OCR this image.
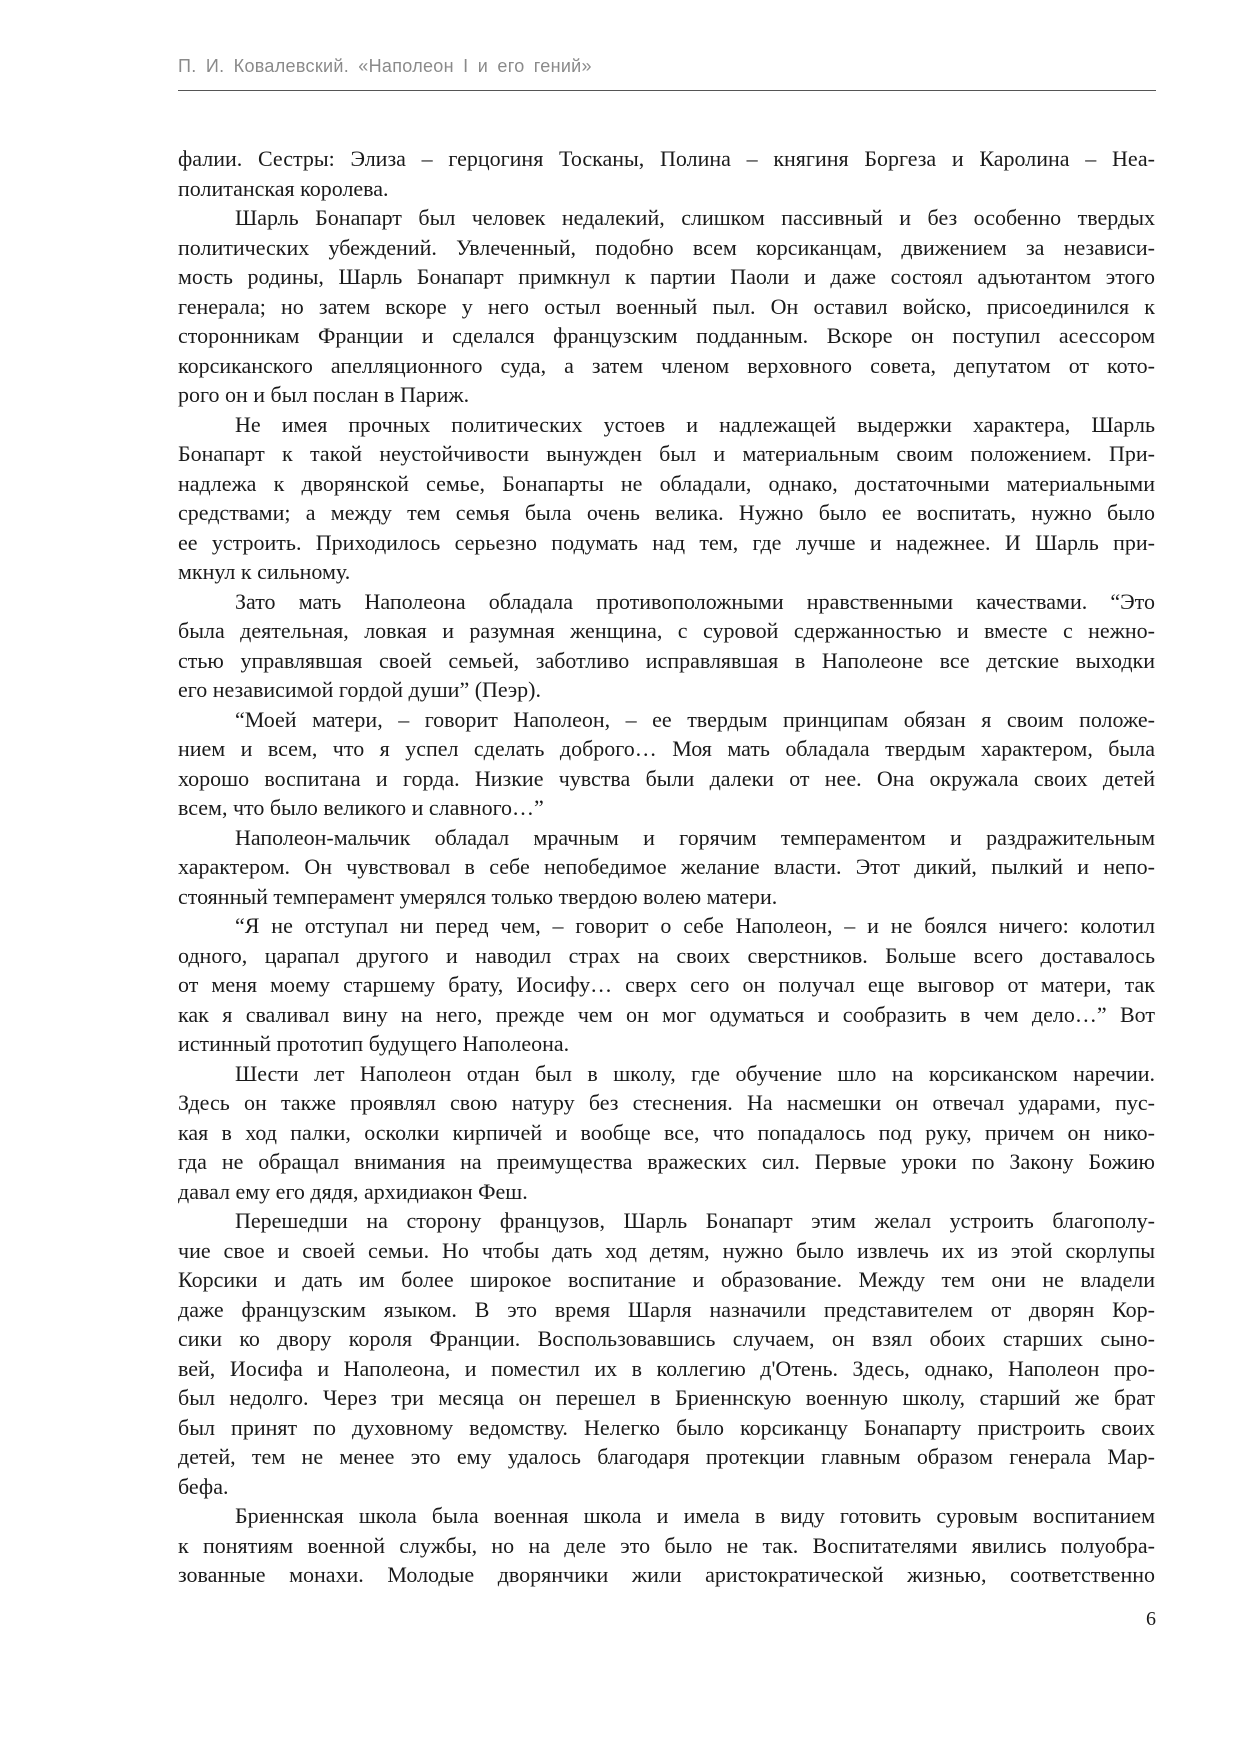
П. И. Ковалевский. «Наполеон I и его гений»

фалии. Сестры: Элиза – герцогиня Тосканы, Полина – княгиня Боргеза и Каролина – Неа-
политанская королева.

Шарль Бонапарт был человек недалекий, слишком пассивный и без особенно твердых
политических убеждений. Увлеченный, подобно всем корсиканцам, движением за независи-
мость родины, Шарль Бонапарт примкнул к партии Паоли и даже состоял адъютантом этого
генерала; но затем вскоре у него остыл военный пыл. Он оставил войско, присоединился к
сторонникам Франции и сделался французским подданным. Вскоре он поступил асессором
корсиканского апелляционного суда, а затем членом верховного совета, депутатом от кото-
рого он и был послан в Париж.

Не имея прочных политических устоев и надлежащей выдержки характера, Шарль
Бонапарт к такой неустойчивости вынужден был и материальным своим положением. При-
надлежа к дворянской семье, Бонапарты не обладали, однако, достаточными материальными
средствами; а между тем семья была очень велика. Нужно было ее воспитать, нужно было
ее устроить. Приходилось серьезно подумать над тем, где лучше и надежнее. И Шарль при-
мкнул к сильному.

Зато мать Наполеона обладала противоположными нравственными качествами. “Это
была деятельная, ловкая и разумная женщина, с суровой сдержанностью и вместе с нежно-
стью управлявшая своей семьей, заботливо исправлявшая в Наполеоне все детские выходки
его независимой гордой души” (Пеэр).

“Моей матери, – говорит Наполеон, – ее твердым принципам обязан я своим положе-
нием и всем, что я успел сделать доброго… Моя мать обладала твердым характером, была
хорошо воспитана и горда. Низкие чувства были далеки от нее. Она окружала своих детей
всем, что было великого и славного…”

Наполеон-мальчик обладал мрачным и горячим темпераментом и раздражительным
характером. Он чувствовал в себе непобедимое желание власти. Этот дикий, пылкий и непо-
стоянный темперамент умерялся только твердою волею матери.

“Я не отступал ни перед чем, – говорит о себе Наполеон, – и не боялся ничего: колотил
одного, царапал другого и наводил страх на своих сверстников. Больше всего доставалось
от меня моему старшему брату, Иосифу… сверх сего он получал еще выговор от матери, так
как я сваливал вину на него, прежде чем он мог одуматься и сообразить в чем дело…” Вот
истинный прототип будущего Наполеона.

Шести лет Наполеон отдан был в школу, где обучение шло на корсиканском наречии.
Здесь он также проявлял свою натуру без стеснения. На насмешки он отвечал ударами, пус-
кая в ход палки, осколки кирпичей и вообще все, что попадалось под руку, причем он нико-
гда не обращал внимания на преимущества вражеских сил. Первые уроки по Закону Божию
давал ему его дядя, архидиакон Феш.

Перешедши на сторону французов, Шарль Бонапарт этим желал устроить благополу-
чие свое и своей семьи. Но чтобы дать ход детям, нужно было извлечь их из этой скорлупы
Корсики и дать им более широкое воспитание и образование. Между тем они не владели
даже французским языком. В это время Шарля назначили представителем от дворян Кор-
сики ко двору короля Франции. Воспользовавшись случаем, он взял обоих старших сыно-
вей, Иосифа и Наполеона, и поместил их в коллегию д'Отень. Здесь, однако, Наполеон про-
был недолго. Через три месяца он перешел в Бриеннскую военную школу, старший же брат
был принят по духовному ведомству. Нелегко было корсиканцу Бонапарту пристроить своих
детей, тем не менее это ему удалось благодаря протекции главным образом генерала Мар-
бефа.

Бриеннская школа была военная школа и имела в виду готовить суровым воспитанием
к понятиям военной службы, но на деле это было не так. Воспитателями явились полуобра-
зованные монахи. Молодые дворянчики жили аристократической жизнью, соответственно

6
